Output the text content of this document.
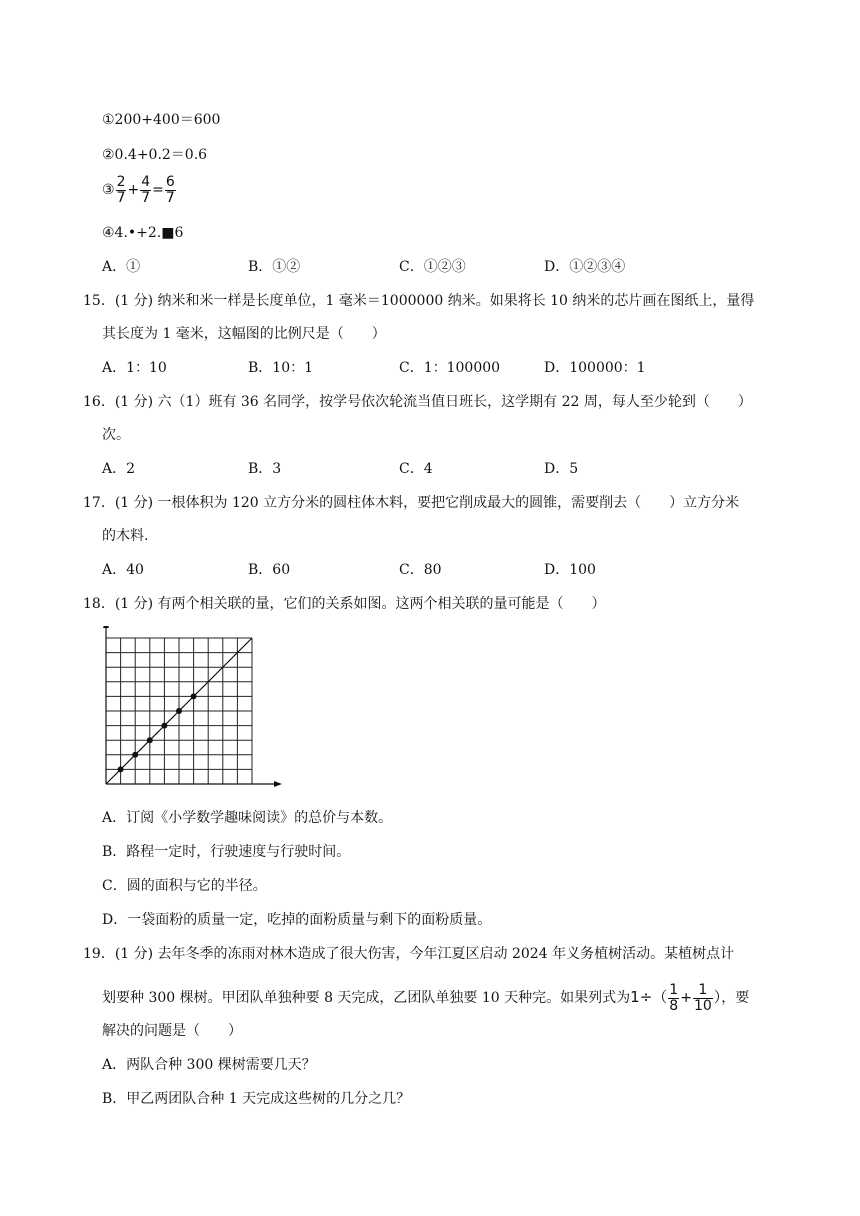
①200+400＝600
②0.4+0.2＝0.6
③ $\frac{2}{7} + \frac{4}{7} = \frac{6}{7}$
④4.•+2.■6
A．①	B．①②	C．①②③	D．①②③④
15．(1 分) 纳米和米一样是长度单位，1 毫米＝1000000 纳米。如果将长 10 纳米的芯片画在图纸上，量得
其长度为 1 毫米，这幅图的比例尺是（　　）
A．1：10	B．10：1	C．1：100000	D．100000：1
16．(1 分) 六（1）班有 36 名同学，按学号依次轮流当值日班长，这学期有 22 周，每人至少轮到（　　）
次。
A．2	B．3	C．4	D．5
17．(1 分) 一根体积为 120 立方分米的圆柱体木料，要把它削成最大的圆锥，需要削去（　　）立方分米
的木料.
A．40	B．60	C．80	D．100
18．(1 分) 有两个相关联的量，它们的关系如图。这两个相关联的量可能是（　　）
A．订阅《小学数学趣味阅读》的总价与本数。
B．路程一定时，行驶速度与行驶时间。
C．圆的面积与它的半径。
D．一袋面粉的质量一定，吃掉的面粉质量与剩下的面粉质量。
19．(1 分) 去年冬季的冻雨对林木造成了很大伤害，今年江夏区启动 2024 年义务植树活动。某植树点计
划要种 300 棵树。甲团队单独种要 8 天完成，乙团队单独要 10 天种完。如果列式为$1\div( \frac{1}{8} + \frac{1}{10}$ ），要
解决的问题是（　　）
A．两队合种 300 棵树需要几天？
B．甲乙两团队合种 1 天完成这些树的几分之几？
